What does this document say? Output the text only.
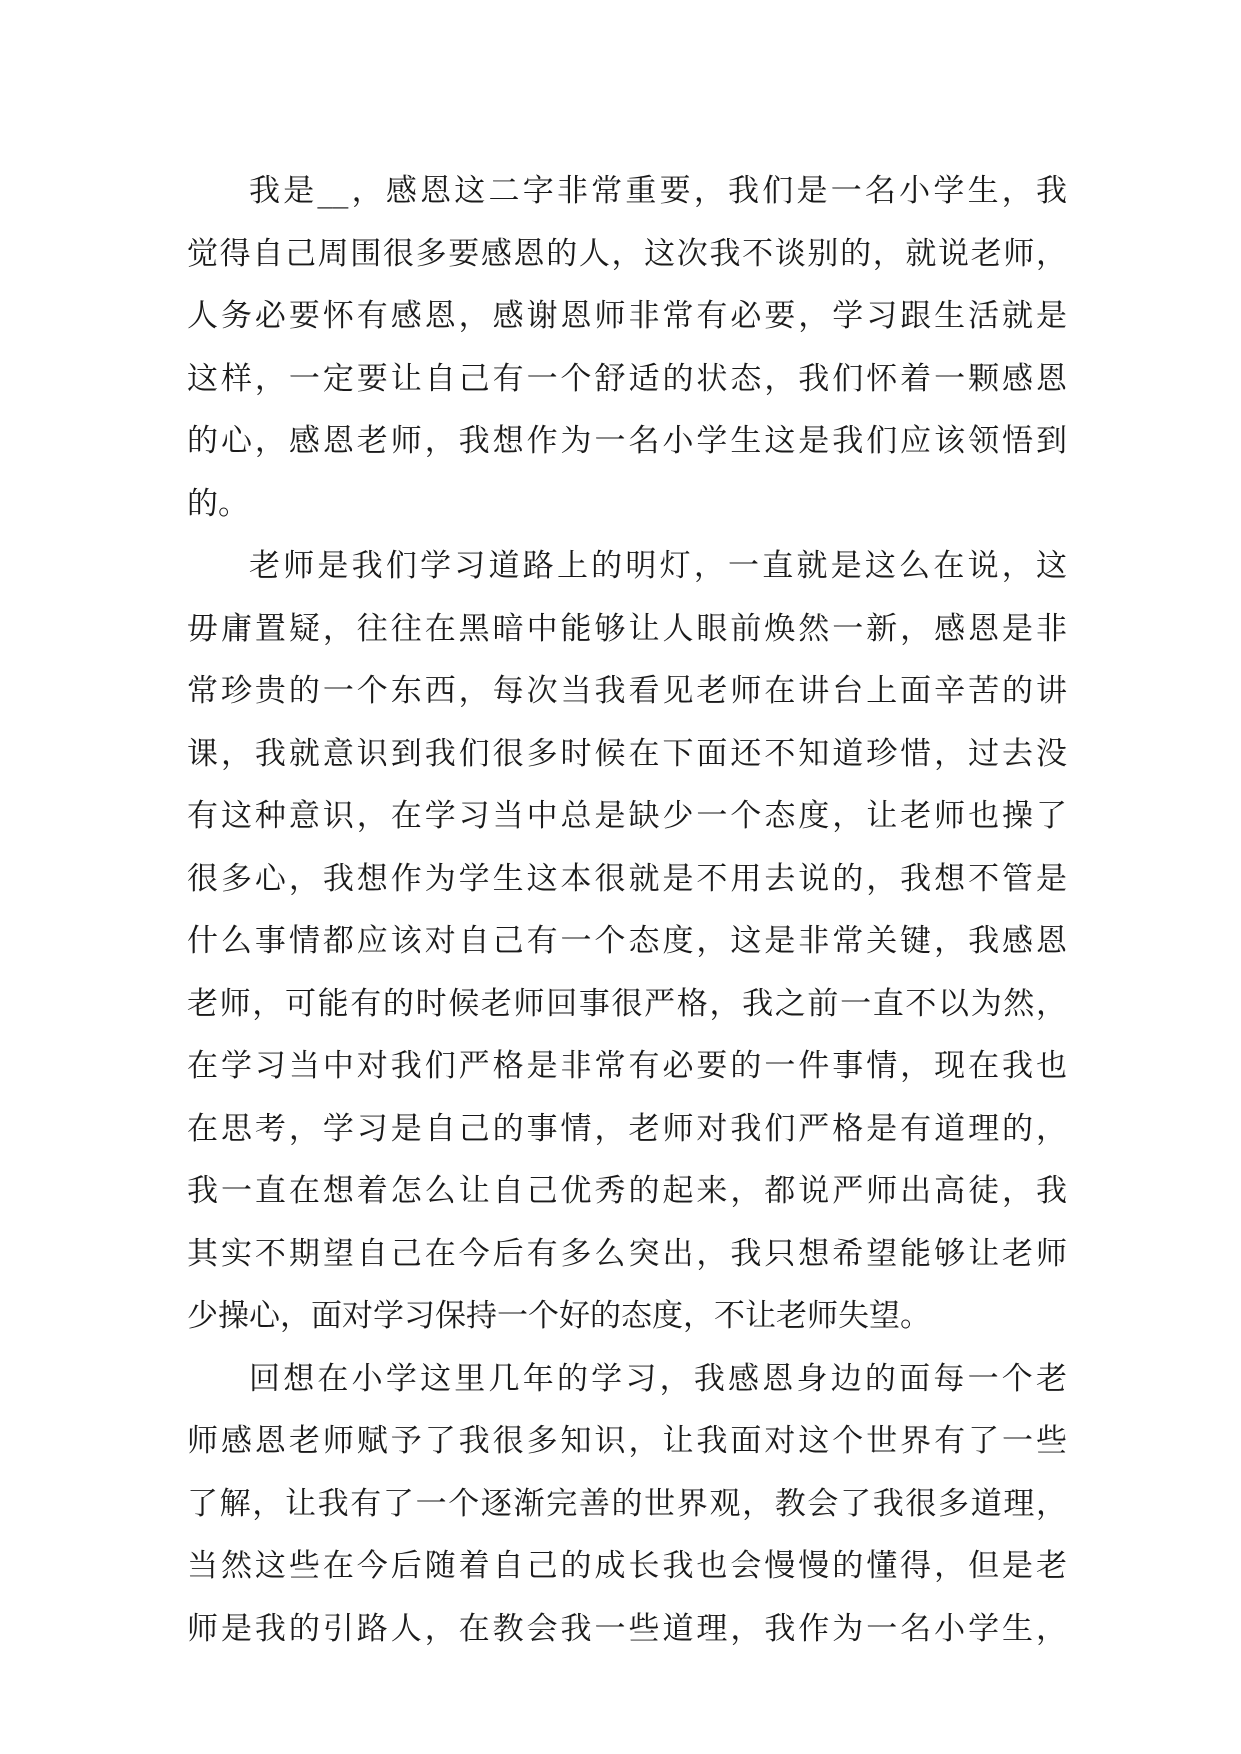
我是__，感恩这二字非常重要，我们是一名小学生，我
觉得自己周围很多要感恩的人，这次我不谈别的，就说老师，
人务必要怀有感恩，感谢恩师非常有必要，学习跟生活就是
这样，一定要让自己有一个舒适的状态，我们怀着一颗感恩
的心，感恩老师，我想作为一名小学生这是我们应该领悟到
的。
老师是我们学习道路上的明灯，一直就是这么在说，这
毋庸置疑，往往在黑暗中能够让人眼前焕然一新，感恩是非
常珍贵的一个东西，每次当我看见老师在讲台上面辛苦的讲
课，我就意识到我们很多时候在下面还不知道珍惜，过去没
有这种意识，在学习当中总是缺少一个态度，让老师也操了
很多心，我想作为学生这本很就是不用去说的，我想不管是
什么事情都应该对自己有一个态度，这是非常关键，我感恩
老师，可能有的时候老师回事很严格，我之前一直不以为然，
在学习当中对我们严格是非常有必要的一件事情，现在我也
在思考，学习是自己的事情，老师对我们严格是有道理的，
我一直在想着怎么让自己优秀的起来，都说严师出高徒，我
其实不期望自己在今后有多么突出，我只想希望能够让老师
少操心，面对学习保持一个好的态度，不让老师失望。
回想在小学这里几年的学习，我感恩身边的面每一个老
师感恩老师赋予了我很多知识，让我面对这个世界有了一些
了解，让我有了一个逐渐完善的世界观，教会了我很多道理，
当然这些在今后随着自己的成长我也会慢慢的懂得，但是老
师是我的引路人，在教会我一些道理，我作为一名小学生，
